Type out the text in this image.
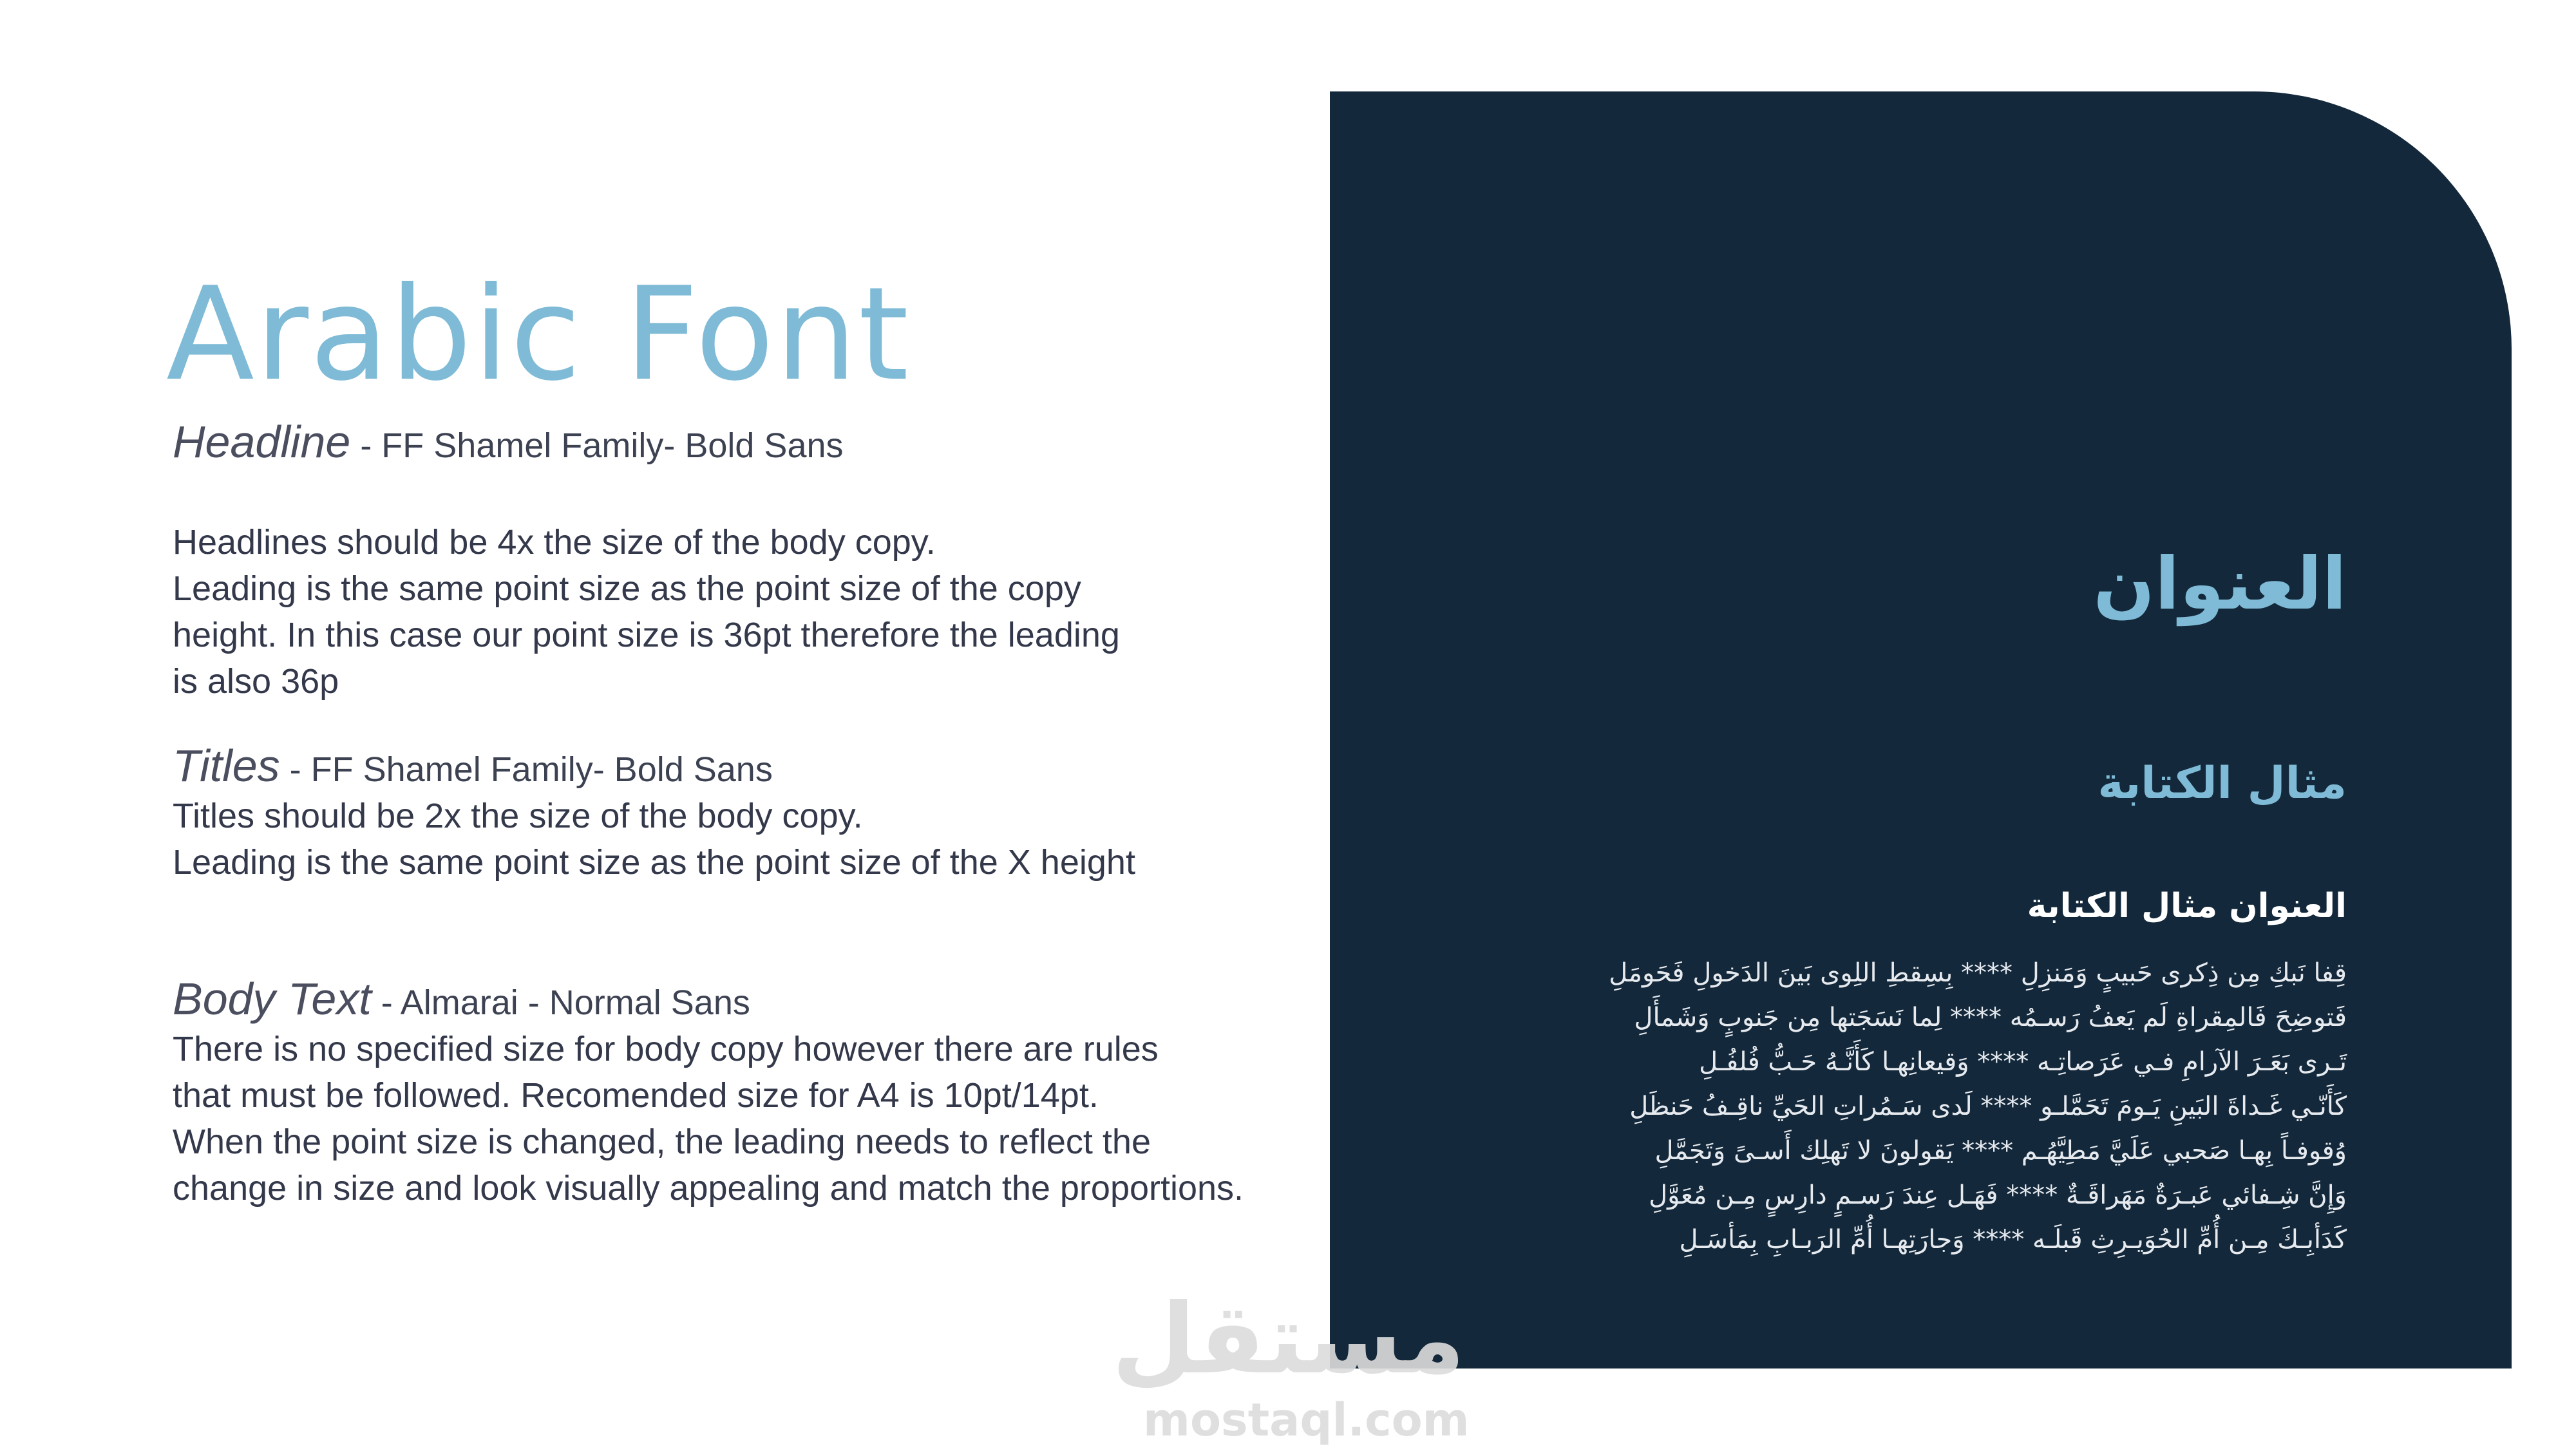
Arabic Font
Headline - FF Shamel Family- Bold Sans

Headlines should be 4x the size of the body copy.

Leading is the same point size as the point size of the copy

height. In this case our point size is 36pt therefore the leading

is also 36p

Titles - FF Shamel Family- Bold Sans

Titles should be 2x the size of the body copy.

Leading is the same point size as the point size of the X height

Body Text - Almarai - Normal Sans

There is no specified size for body copy however there are rules

that must be followed. Recomended size for A4 is 10pt/14pt.

When the point size is changed, the leading needs to reflect the

change in size and look visually appealing and match the proportions.

العنوان
مثال الكتابة
العنوان مثال الكتابة
قِفا نَبكِ مِن ذِكرى حَبيبٍ وَمَنزِلِ **** بِسِقطِ اللِوى بَينَ الدَخولِ فَحَومَلِ
فَتوضِحَ فَالمِقراةِ لَم يَعفُ رَسـمُه **** لِما نَسَجَتها مِن جَنوبٍ وَشَمأَلِ
تَـرى بَعَـرَ الآرامِ فـي عَرَصاتِـه **** وَقيعانِهـا كَأَنَّـهُ حَـبُّ فُلفُـلِ
كَأَنّـي غَـداةَ البَينِ يَـومَ تَحَمَّلـو **** لَدى سَـمُراتِ الحَيِّ ناقِـفُ حَنظَلِ
وُقوفـاً بِهـا صَحبي عَلَيَّ مَطِيَّهُـم **** يَقولونَ لا تَهلِك أَسـىً وَتَجَمَّلِ
وَإِنَّ شِـفائي عَبـرَةٌ مَهَراقَـةٌ **** فَهَـل عِندَ رَسـمٍ دارِسٍ مِـن مُعَوَّلِ
كَدَأبِـكَ مِـن أُمِّ الحُوَيـرِثِ قَبلَـه **** وَجارَتِهـا أُمِّ الرَبـابِ بِمَأسَـلِ
مستقل
mostaql.com
